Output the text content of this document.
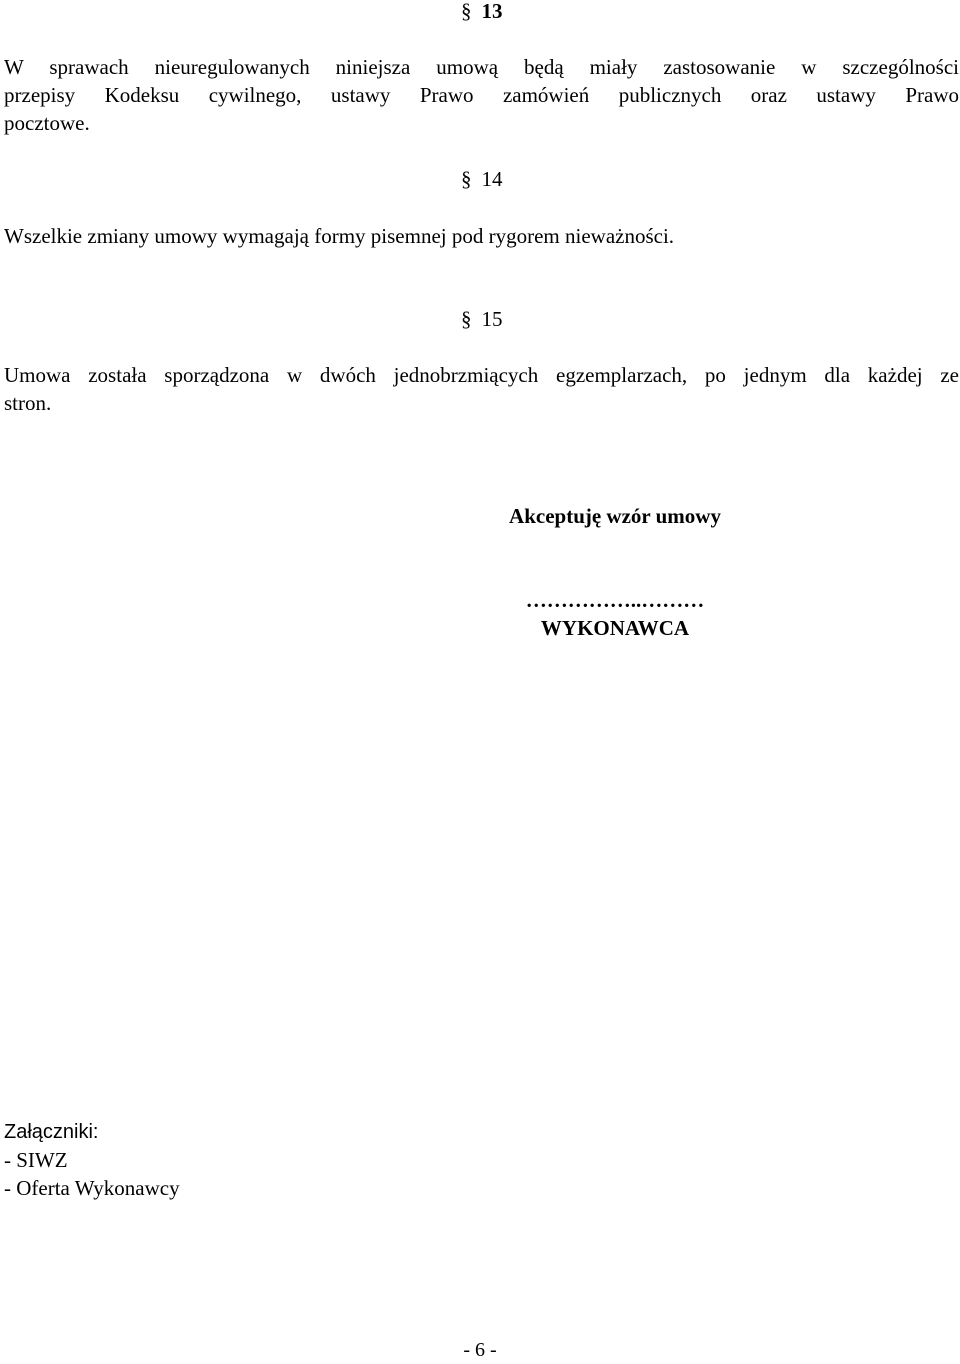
§ 13
W sprawach nieuregulowanych niniejsza umową będą miały zastosowanie w szczególności
przepisy Kodeksu cywilnego, ustawy Prawo zamówień publicznych oraz ustawy Prawo
pocztowe.
§ 14
Wszelkie zmiany umowy wymagają formy pisemnej pod rygorem nieważności.
§ 15
Umowa została sporządzona w dwóch jednobrzmiących egzemplarzach, po jednym dla każdej ze
stron.
Akceptuję wzór umowy
……………..………
WYKONAWCA
Załączniki:
- SIWZ
- Oferta Wykonawcy
- 6 -
